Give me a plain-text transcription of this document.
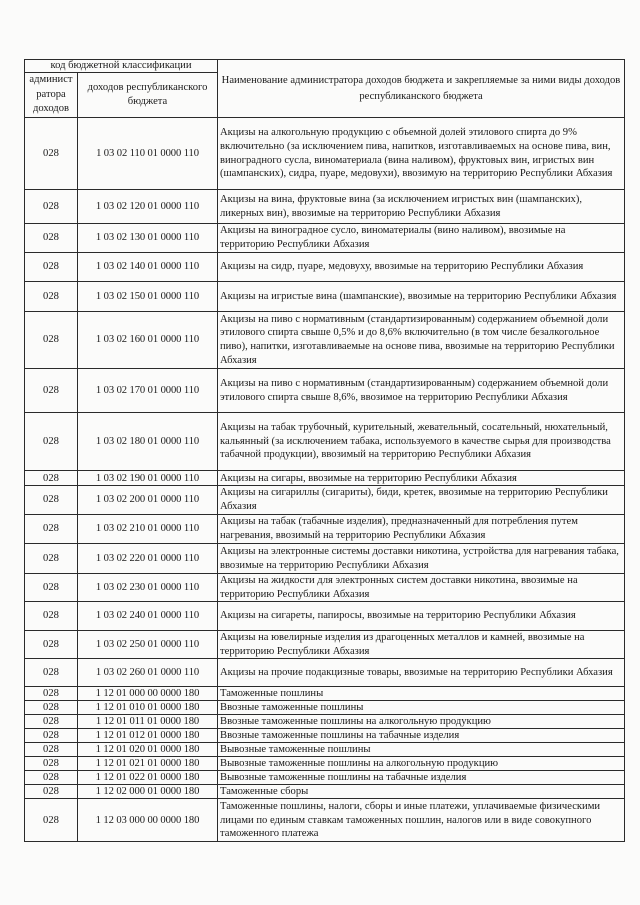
код бюджетной классификации		Наименование администратора доходов бюджета и закрепляемые за ними виды доходов республиканского бюджета
админист
ратора
доходов	доходов республиканского бюджета	
028	1 03 02 110 01 0000 110	Акцизы на алкогольную продукцию с объемной долей этилового спирта до 9% включительно (за исключением пива, напитков, изготавливаемых на основе пива, вин, виноградного сусла, виноматериала (вина наливом), фруктовых вин, игристых вин (шампанских), сидра, пуаре, медовухи), ввозимую на территорию Республики Абхазия
028	1 03 02 120 01 0000 110	Акцизы на вина, фруктовые вина (за исключением игристых вин (шампанских), ликерных вин), ввозимые на территорию Республики Абхазия
028	1 03 02 130 01 0000 110	Акцизы на виноградное сусло, виноматериалы (вино наливом), ввозимые на территорию Республики Абхазия
028	1 03 02 140 01 0000 110	Акцизы на сидр, пуаре, медовуху, ввозимые на территорию Республики Абхазия
028	1 03 02 150 01 0000 110	Акцизы на игристые вина (шампанские), ввозимые на территорию Республики Абхазия
028	1 03 02 160 01 0000 110	Акцизы на пиво с нормативным (стандартизированным) содержанием объемной доли этилового спирта свыше 0,5% и до 8,6% включительно (в том числе безалкогольное пиво), напитки, изготавливаемые на основе пива, ввозимые на территорию Республики Абхазия
028	1 03 02 170 01 0000 110	Акцизы на пиво с нормативным (стандартизированным) содержанием объемной доли этилового спирта свыше 8,6%, ввозимое на территорию Республики Абхазия
028	1 03 02 180 01 0000 110	Акцизы на табак трубочный, курительный, жевательный, сосательный, нюхательный, кальянный (за исключением табака, используемого в качестве сырья для производства табачной продукции), ввозимый на территорию Республики Абхазия
028	1 03 02 190 01 0000 110	Акцизы на сигары, ввозимые на территорию Республики Абхазия
028	1 03 02 200 01 0000 110	Акцизы на сигариллы (сигариты), биди, кретек, ввозимые на территорию Республики Абхазия
028	1 03 02 210 01 0000 110	Акцизы на табак (табачные изделия), предназначенный для потребления путем нагревания, ввозимый на территорию Республики Абхазия
028	1 03 02 220 01 0000 110	Акцизы на электронные системы доставки никотина, устройства для нагревания табака, ввозимые на территорию Республики Абхазия
028	1 03 02 230 01 0000 110	Акцизы на жидкости для электронных систем доставки никотина, ввозимые на территорию Республики Абхазия
028	1 03 02 240 01 0000 110	Акцизы на сигареты, папиросы, ввозимые на территорию Республики Абхазия
028	1 03 02 250 01 0000 110	Акцизы на ювелирные изделия из драгоценных металлов и камней, ввозимые на территорию Республики Абхазия
028	1 03 02 260 01 0000 110	Акцизы на прочие подакцизные товары, ввозимые на территорию Республики Абхазия
028	1 12 01 000 00 0000 180	Таможенные пошлины
028	1 12 01 010 01 0000 180	Ввозные таможенные пошлины
028	1 12 01 011 01 0000 180	Ввозные таможенные пошлины на алкогольную продукцию
028	1 12 01 012 01 0000 180	Ввозные таможенные пошлины на табачные изделия
028	1 12 01 020 01 0000 180	Вывозные таможенные пошлины
028	1 12 01 021 01 0000 180	Вывозные таможенные пошлины на алкогольную продукцию
028	1 12 01 022 01 0000 180	Вывозные таможенные пошлины на табачные изделия
028	1 12 02 000 01 0000 180	Таможенные сборы
028	1 12 03 000 00 0000 180	Таможенные пошлины, налоги, сборы и иные платежи, уплачиваемые физическими лицами по единым ставкам таможенных пошлин, налогов или в виде совокупного таможенного платежа
